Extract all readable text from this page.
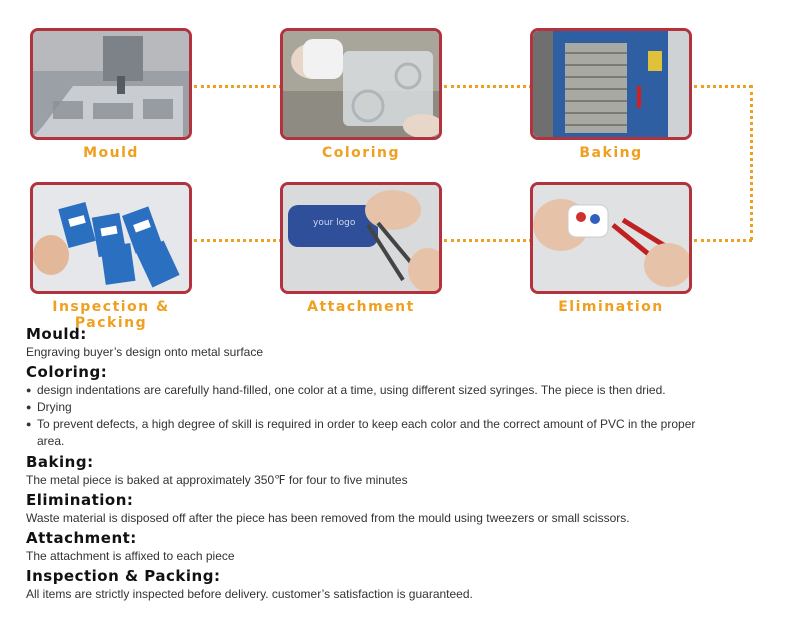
Mould	Coloring	Baking
Inspection & Packing
your logo
Attachment	Elimination
Mould:
Engraving buyer’s design onto metal surface
Coloring:
● design indentations are carefully hand-filled, one color at a time, using different sized syringes. The piece is then dried.
● Drying
● To prevent defects, a high degree of skill is required in order to keep each color and the correct amount of PVC in the proper area.
Baking:
The metal piece is baked at approximately 350℉ for four to five minutes
Elimination:
Waste material is disposed off after the piece has been removed from the mould using tweezers or small scissors.
Attachment:
The attachment is affixed to each piece
Inspection & Packing:
All items are strictly inspected before delivery. customer’s satisfaction is guaranteed.
